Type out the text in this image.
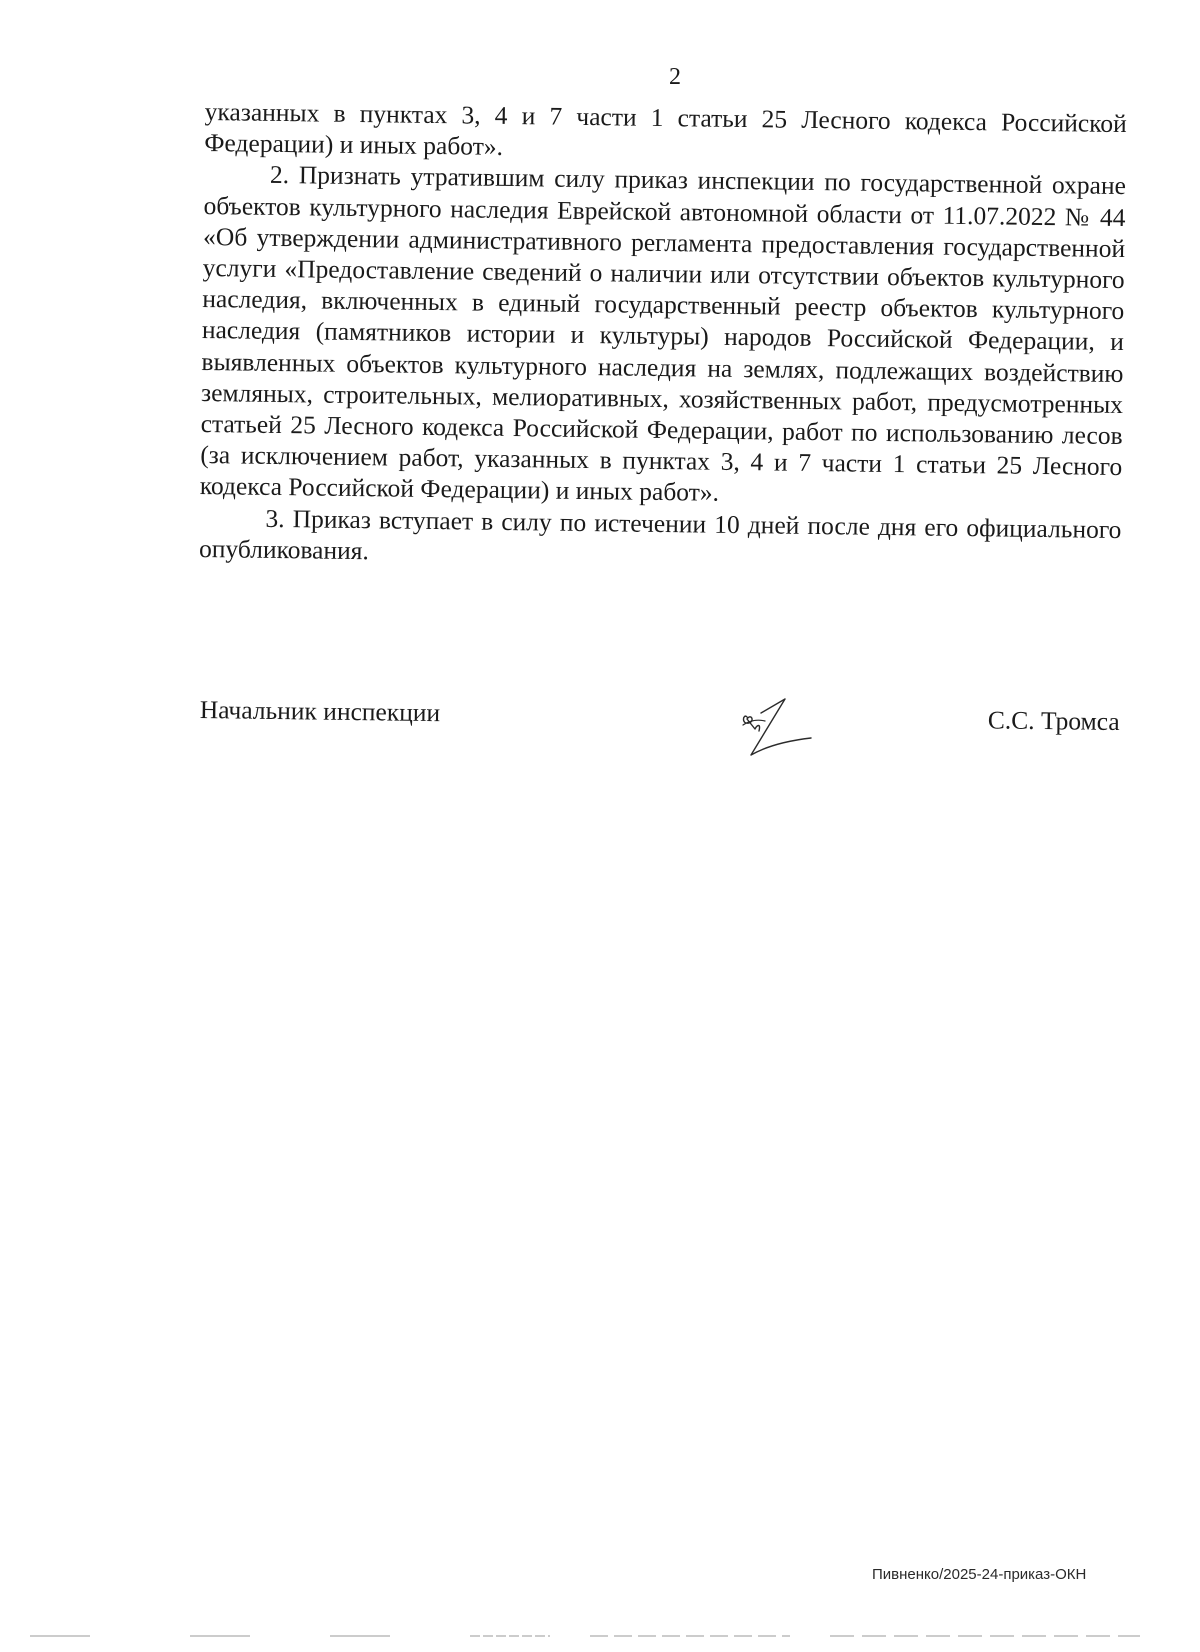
2

указанных в пунктах 3, 4 и 7 части 1 статьи 25 Лесного кодекса Российской Федерации) и иных работ».

2. Признать утратившим силу приказ инспекции по государственной охране объектов культурного наследия Еврейской автономной области от 11.07.2022 № 44 «Об утверждении административного регламента предоставления государственной услуги «Предоставление сведений о наличии или отсутствии объектов культурного наследия, включенных в единый государственный реестр объектов культурного наследия (памятников истории и культуры) народов Российской Федерации, и выявленных объектов культурного наследия на землях, подлежащих воздействию земляных, строительных, мелиоративных, хозяйственных работ, предусмотренных статьей 25 Лесного кодекса Российской Федерации, работ по использованию лесов (за исключением работ, указанных в пунктах 3, 4 и 7 части 1 статьи 25 Лесного кодекса Российской Федерации) и иных работ».

3. Приказ вступает в силу по истечении 10 дней после дня его официального опубликования.

Начальник инспекции	С.С. Тромса
Пивненко/2025-24-приказ-ОКН
